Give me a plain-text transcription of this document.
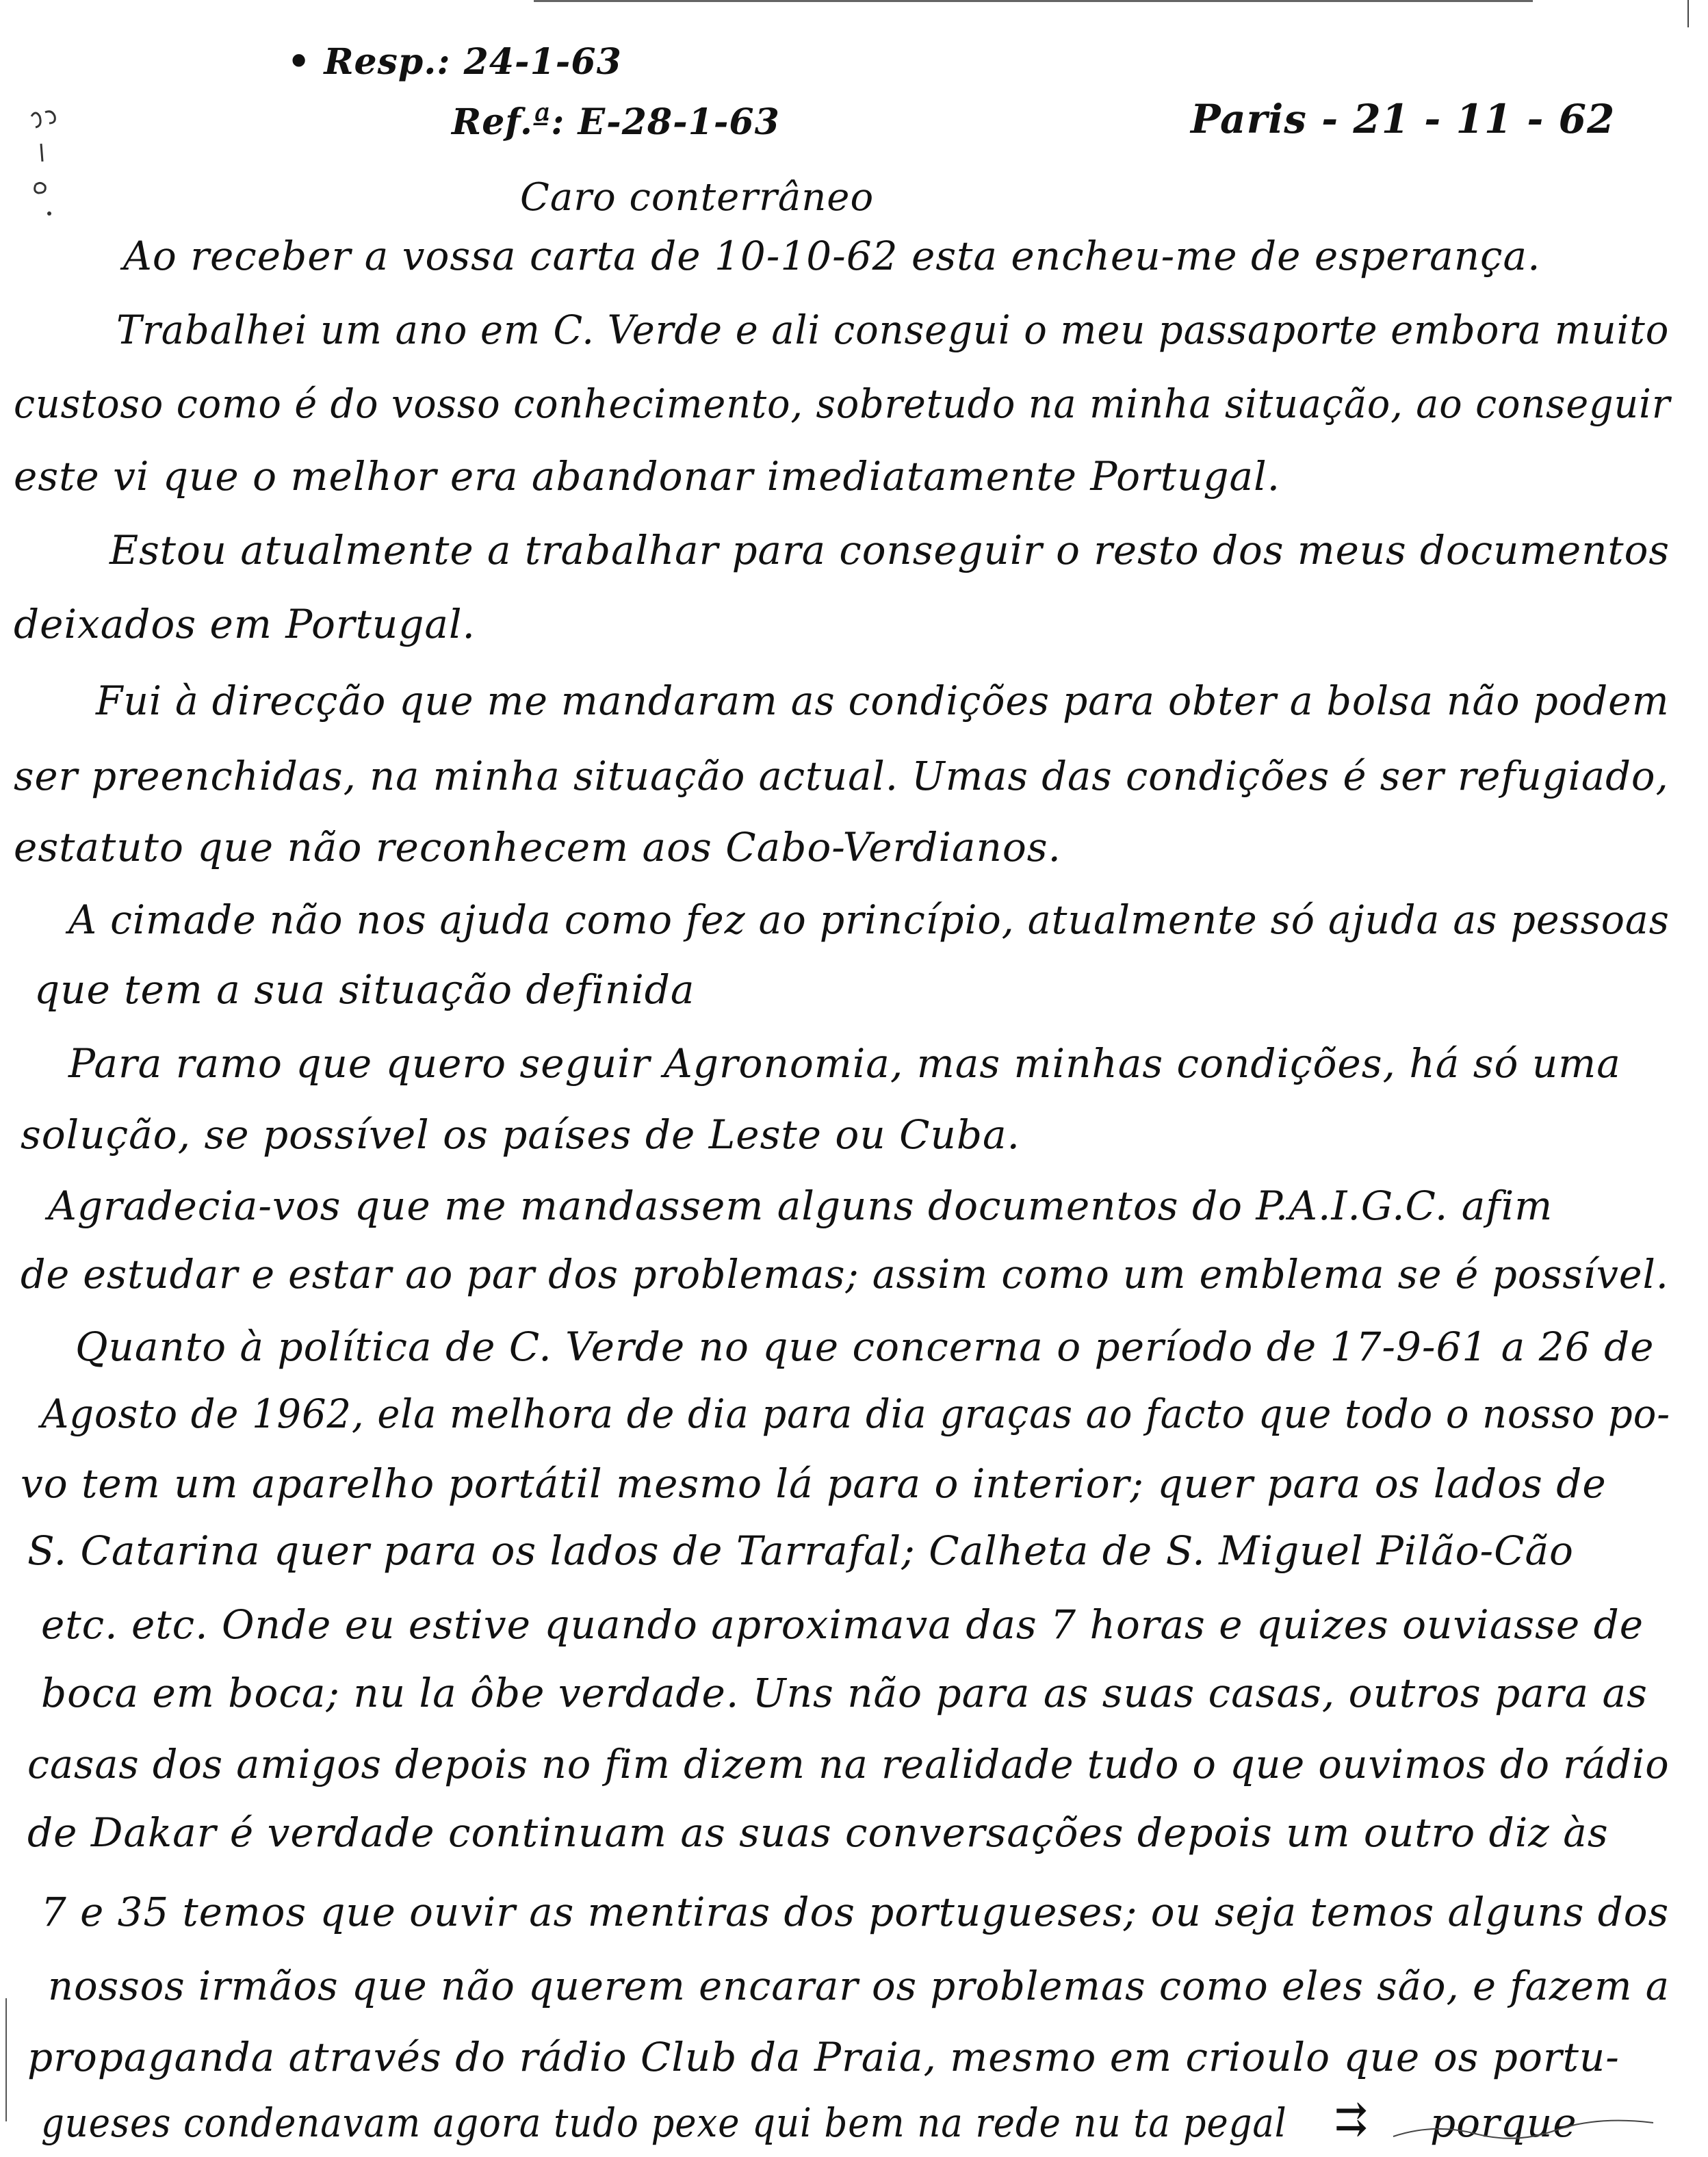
• Resp.: 24-1-63
Ref.ª: E-28-1-63	Paris - 21 - 11 - 62
Caro conterrâneo
Ao receber a vossa carta de 10-10-62 esta encheu-me de esperança.
Trabalhei um ano em C. Verde e ali consegui o meu passaporte embora muito
custoso como é do vosso conhecimento, sobretudo na minha situação, ao conseguir
este vi que o melhor era abandonar imediatamente Portugal.
Estou atualmente a trabalhar para conseguir o resto dos meus documentos
deixados em Portugal.
Fui à direcção que me mandaram as condições para obter a bolsa não podem
ser preenchidas, na minha situação actual. Umas das condições é ser refugiado,
estatuto que não reconhecem aos Cabo-Verdianos.
A cimade não nos ajuda como fez ao princípio, atualmente só ajuda as pessoas
que tem a sua situação definida
Para ramo que quero seguir Agronomia, mas minhas condições, há só uma
solução, se possível os países de Leste ou Cuba.
Agradecia-vos que me mandassem alguns documentos do P.A.I.G.C. afim
de estudar e estar ao par dos problemas; assim como um emblema se é possível.
Quanto à política de C. Verde no que concerna o período de 17-9-61 a 26 de
Agosto de 1962, ela melhora de dia para dia graças ao facto que todo o nosso po-
vo tem um aparelho portátil mesmo lá para o interior; quer para os lados de
S. Catarina quer para os lados de Tarrafal; Calheta de S. Miguel Pilão-Cão
etc. etc. Onde eu estive quando aproximava das 7 horas e quizes ouviasse de
boca em boca; nu la ôbe verdade. Uns não para as suas casas, outros para as
casas dos amigos depois no fim dizem na realidade tudo o que ouvimos do rádio
de Dakar é verdade continuam as suas conversações depois um outro diz às
7 e 35 temos que ouvir as mentiras dos portugueses; ou seja temos alguns dos
nossos irmãos que não querem encarar os problemas como eles são, e fazem a
propaganda através do rádio Club da Praia, mesmo em crioulo que os portu-
gueses condenavam agora tudo pexe qui bem na rede nu ta pegal	porque
⇉
